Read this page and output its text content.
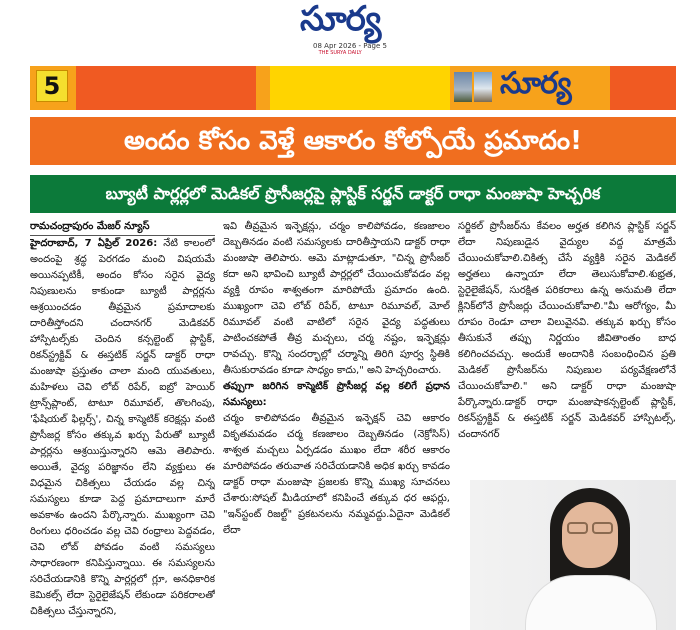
సూర్య
THE SURYA DAILY
08 Apr 2026 - Page 5
5	సూర్య
అందం కోసం వెళ్తే ఆకారం కోల్పోయే ప్రమాదం!
బ్యూటీ పార్లర్లలో మెడికల్ ప్రొసీజర్లపై ప్లాస్టిక్ సర్జన్ డాక్టర్ రాధా మంజుషా హెచ్చరిక

రామచంద్రాపురం మేజర్ న్యూస్

హైదరాబాద్, 7 ఏప్రిల్ 2026: నేటి కాలంలో అందంపై శ్రద్ధ పెరగడం మంచి విషయమే అయినప్పటికీ, అందం కోసం సరైన వైద్య నిపుణులను కాకుండా బ్యూటీ పార్లర్లను ఆశ్రయించడం తీవ్రమైన ప్రమాదాలకు దారితీస్తోందని చందానగర్ మెడికవర్ హాస్పిటల్స్‌కు చెందిన కన్సల్టెంట్ ప్లాస్టిక్, రికన్‌స్ట్రక్టివ్ & ఈస్తటిక్ సర్జన్ డాక్టర్ రాధా మంజుషా ప్రస్తుతం చాలా మంది యువతులు, మహిళలు చెవి లోబ్ రిపేర్, ఐబ్రో హెయిర్ ట్రాన్స్‌ప్లాంట్, టాటూ రిమూవల్, తొలగింపు, 'ఫేషియల్ ఫిల్లర్స్', చిన్న కాస్మెటిక్ కరెక్షన్లు వంటి ప్రొసీజర్ల కోసం తక్కువ ఖర్చు పేరుతో బ్యూటీ పార్లర్లను ఆశ్రయిస్తున్నారని ఆమె తెలిపారు. అయితే, వైద్య పరిజ్ఞానం లేని వ్యక్తులు ఈ విధమైన చికిత్సలు చేయడం వల్ల చిన్న సమస్యలు కూడా పెద్ద ప్రమాదాలుగా మారే అవకాశం ఉందని పేర్కొన్నారు. ముఖ్యంగా చెవి రింగులు ధరించడం వల్ల చెవి రంధ్రాలు పెద్దవడం, చెవి లోబ్ పోవడం వంటి సమస్యలు సాధారణంగా కనిపిస్తున్నాయి. ఈ సమస్యలను సరిచేయడానికి కొన్ని పార్లర్లలో గ్లూ, అనధికారిక కెమికల్స్ లేదా స్టెరైలైజేషన్ లేకుండా పరికరాలతో చికిత్సలు చేస్తున్నారని,

ఇవి తీవ్రమైన ఇన్ఫెక్షన్లు, చర్మం కాలిపోవడం, కణజాలం దెబ్బతినడం వంటి సమస్యలకు దారితీస్తాయని డాక్టర్ రాధా మంజుషా తెలిపారు. ఆమె మాట్లాడుతూ, "చిన్న ప్రొసీజర్ కదా అని భావించి బ్యూటీ పార్లర్లలో చేయించుకోవడం వల్ల వ్యక్తి రూపం శాశ్వతంగా మారిపోయే ప్రమాదం ఉంది. ముఖ్యంగా చెవి లోబ్ రిపేర్, టాటూ రిమూవల్, మోల్ రిమూవల్ వంటి వాటిలో సరైన వైద్య పద్ధతులు పాటించకపోతే తీవ్ర మచ్చలు, చర్మ నష్టం, ఇన్ఫెక్షన్లు రావచ్చు. కొన్ని సందర్భాల్లో చర్మాన్ని తిరిగి పూర్వ స్థితికి తీసుకురావడం కూడా సాధ్యం కాదు," అని హెచ్చరించారు.

తప్పుగా జరిగిన కాస్మెటిక్ ప్రొసీజర్ల వల్ల కలిగే ప్రధాన సమస్యలు:

చర్మం కాలిపోవడం తీవ్రమైన ఇన్ఫెక్షన్ చెవి ఆకారం వికృతమవడం చర్మ కణజాలం దెబ్బతినడం (నెక్రోసిస్) శాశ్వత మచ్చలు ఏర్పడడం ముఖం లేదా శరీర ఆకారం మారిపోవడం తరువాత సరిచేయడానికి అధిక ఖర్చు కావడం డాక్టర్ రాధా మంజుషా ప్రజలకు కొన్ని ముఖ్య సూచనలు చేశారు:సోషల్ మీడియాలో కనిపించే తక్కువ ధర ఆఫర్లు, "ఇన్‌స్టంట్ రిజల్ట్" ప్రకటనలను నమ్మవద్దు.ఏదైనా మెడికల్ లేదా

సర్జికల్ ప్రొసీజర్‌ను కేవలం అర్హత కలిగిన ప్లాస్టిక్ సర్జన్ లేదా నిపుణుడైన వైద్యుల వద్ద మాత్రమే చేయించుకోవాలి.చికిత్స చేసే వ్యక్తికి సరైన మెడికల్ అర్హతలు ఉన్నాయా లేదా తెలుసుకోవాలి.శుభ్రత, స్టెరైలైజేషన్, సురక్షిత పరికరాలు ఉన్న అనుమతి లేదా క్లినిక్‌లోనే ప్రొసీజర్లు చేయించుకోవాలి."మీ ఆరోగ్యం, మీ రూపం రెండూ చాలా విలువైనవి. తక్కువ ఖర్చు కోసం తీసుకునే తప్పు నిర్ణయం జీవితాంతం బాధ కలిగించవచ్చు. అందుకే అందానికి సంబంధించిన ప్రతి మెడికల్ ప్రొసీజర్‌ను నిపుణుల పర్యవేక్షణలోనే చేయించుకోవాలి." అని డాక్టర్ రాధా మంజుషా పేర్కొన్నారు.డాక్టర్ రాధా మంజుషాకన్సల్టెంట్ ప్లాస్టిక్, రికన్‌స్ట్రక్టివ్ & ఈస్తటిక్ సర్జన్ మెడికవర్ హాస్పిటల్స్, చందానగర్
